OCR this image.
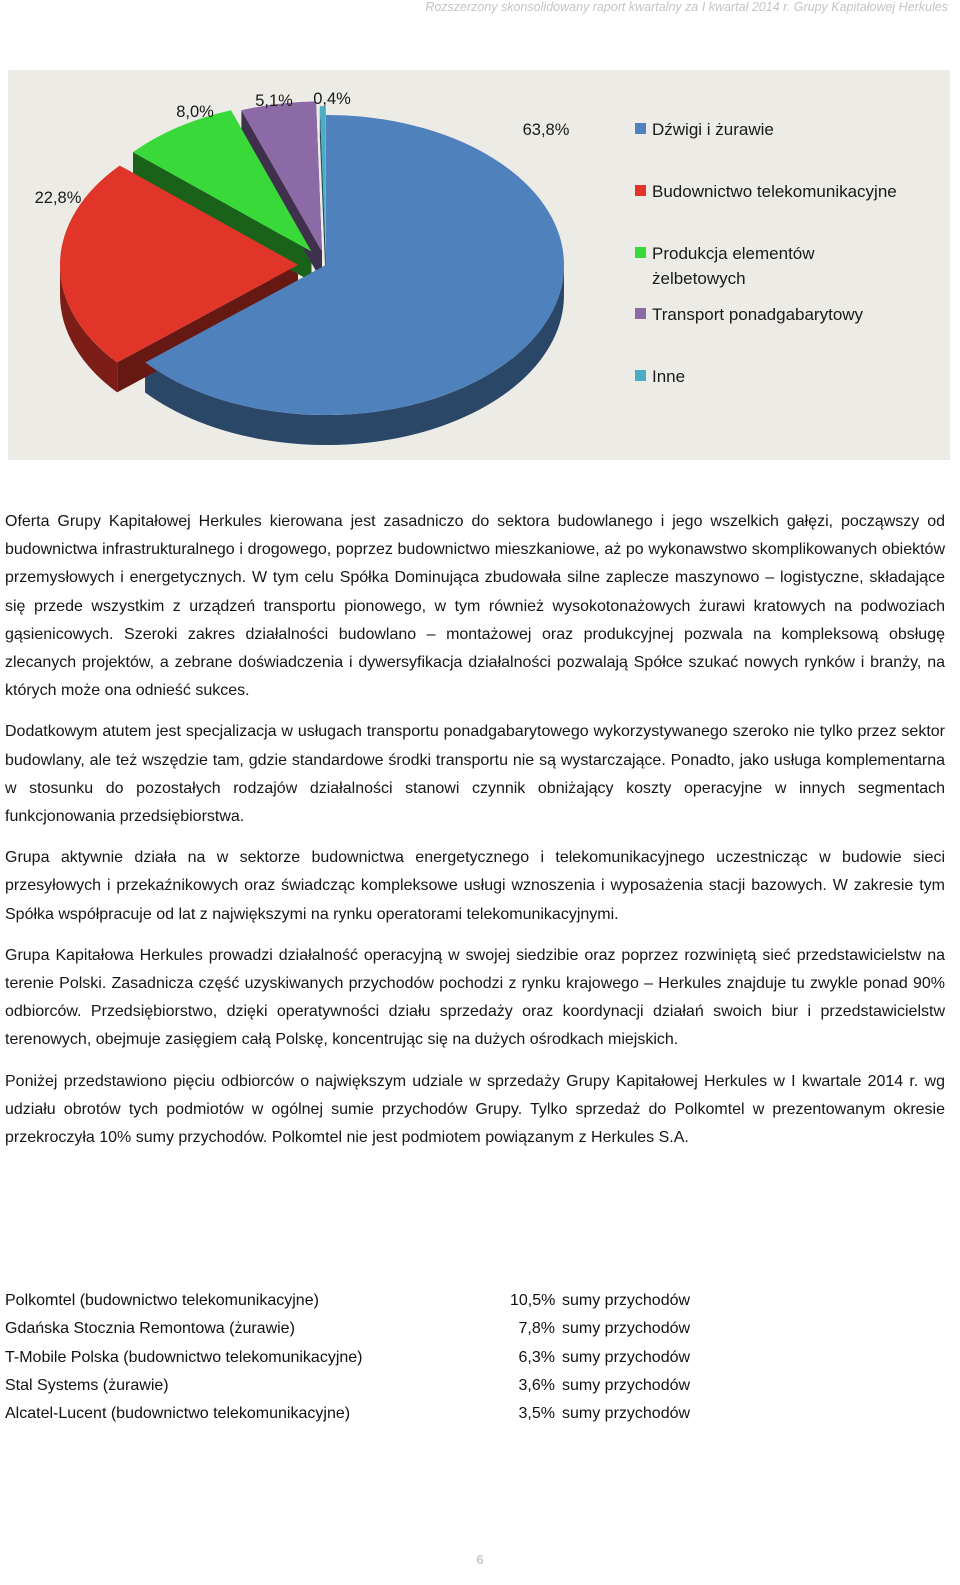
Rozszerzony skonsolidowany raport kwartalny za I kwartał 2014 r. Grupy Kapitałowej Herkules
63,8%
22,8%
8,0%
5,1% 0,4%
Dźwigi i żurawie
Budownictwo telekomunikacyjne
Produkcja elementów
żelbetowych
Transport ponadgabarytowy
Inne

Oferta Grupy Kapitałowej Herkules kierowana jest zasadniczo do sektora budowlanego i jego wszelkich gałęzi, począwszy od budownictwa infrastrukturalnego i drogowego, poprzez budownictwo mieszkaniowe, aż po wykonawstwo skomplikowanych obiektów przemysłowych i energetycznych. W tym celu Spółka Dominująca zbudowała silne zaplecze maszynowo – logistyczne, składające się przede wszystkim z urządzeń transportu pionowego, w tym również wysokotonażowych żurawi kratowych na podwoziach gąsienicowych. Szeroki zakres działalności budowlano – montażowej oraz produkcyjnej pozwala na kompleksową obsługę zlecanych projektów, a zebrane doświadczenia i dywersyfikacja działalności pozwalają Spółce szukać nowych rynków i branży, na których może ona odnieść sukces.

Dodatkowym atutem jest specjalizacja w usługach transportu ponadgabarytowego wykorzystywanego szeroko nie tylko przez sektor budowlany, ale też wszędzie tam, gdzie standardowe środki transportu nie są wystarczające. Ponadto, jako usługa komplementarna w stosunku do pozostałych rodzajów działalności stanowi czynnik obniżający koszty operacyjne w innych segmentach funkcjonowania przedsiębiorstwa.

Grupa aktywnie działa na w sektorze budownictwa energetycznego i telekomunikacyjnego uczestnicząc w budowie sieci przesyłowych i przekaźnikowych oraz świadcząc kompleksowe usługi wznoszenia i wyposażenia stacji bazowych. W zakresie tym Spółka współpracuje od lat z największymi na rynku operatorami telekomunikacyjnymi.

Grupa Kapitałowa Herkules prowadzi działalność operacyjną w swojej siedzibie oraz poprzez rozwiniętą sieć przedstawicielstw na terenie Polski. Zasadnicza część uzyskiwanych przychodów pochodzi z rynku krajowego – Herkules znajduje tu zwykle ponad 90% odbiorców. Przedsiębiorstwo, dzięki operatywności działu sprzedaży oraz koordynacji działań swoich biur i przedstawicielstw terenowych, obejmuje zasięgiem całą Polskę, koncentrując się na dużych ośrodkach miejskich.

Poniżej przedstawiono pięciu odbiorców o największym udziale w sprzedaży Grupy Kapitałowej Herkules w I kwartale 2014 r. wg udziału obrotów tych podmiotów w ogólnej sumie przychodów Grupy. Tylko sprzedaż do Polkomtel w prezentowanym okresie przekroczyła 10% sumy przychodów. Polkomtel nie jest podmiotem powiązanym z Herkules S.A.

Polkomtel (budownictwo telekomunikacyjne)	10,5% sumy przychodów
Gdańska Stocznia Remontowa (żurawie)	7,8% sumy przychodów
T-Mobile Polska (budownictwo telekomunikacyjne)	6,3% sumy przychodów
Stal Systems (żurawie)	3,6% sumy przychodów
Alcatel-Lucent (budownictwo telekomunikacyjne)	3,5% sumy przychodów
6
